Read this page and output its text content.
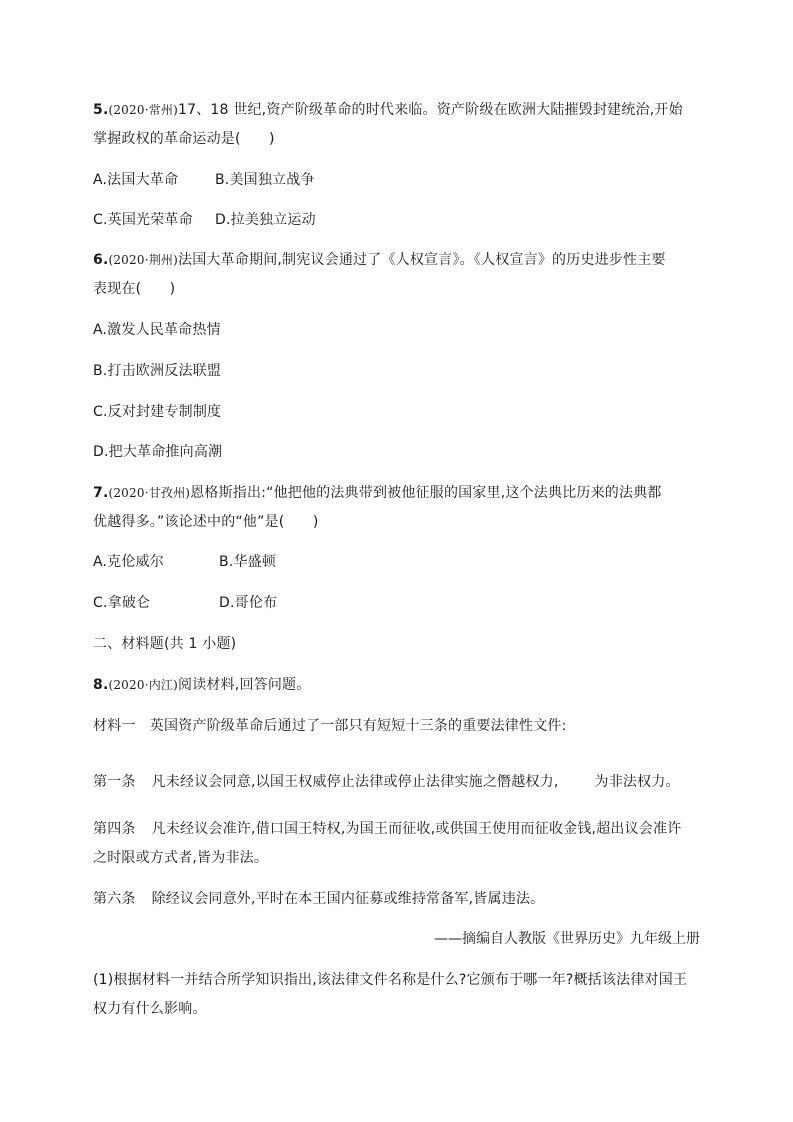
5.(2020·常州)17、18 世纪,资产阶级革命的时代来临。资产阶级在欧洲大陆摧毁封建统治,开始
掌握政权的革命运动是(　　)
A.法国大革命	B.美国独立战争
C.英国光荣革命 D.拉美独立运动
6.(2020·荆州)法国大革命期间,制宪议会通过了《人权宣言》。《人权宣言》的历史进步性主要
表现在(　　)
A.激发人民革命热情
B.打击欧洲反法联盟
C.反对封建专制制度
D.把大革命推向高潮
7.(2020·甘孜州)恩格斯指出:“他把他的法典带到被他征服的国家里,这个法典比历来的法典都
优越得多。”该论述中的“他”是(　　)
A.克伦威尔	B.华盛顿
C.拿破仑	D.哥伦布
二、材料题(共 1 小题)
8.(2020·内江)阅读材料,回答问题。
材料一　英国资产阶级革命后通过了一部只有短短十三条的重要法律性文件:
第一条 凡未经议会同意,以国王权威停止法律或停止法律实施之僭越权力,	为非法权力。
第四条 凡未经议会准许,借口国王特权,为国王而征收,或供国王使用而征收金钱,超出议会准许
之时限或方式者,皆为非法。
第六条 除经议会同意外,平时在本王国内征募或维持常备军,皆属违法。
——摘编自人教版《世界历史》九年级上册
(1)根据材料一并结合所学知识指出,该法律文件名称是什么?它颁布于哪一年?概括该法律对国王
权力有什么影响。
